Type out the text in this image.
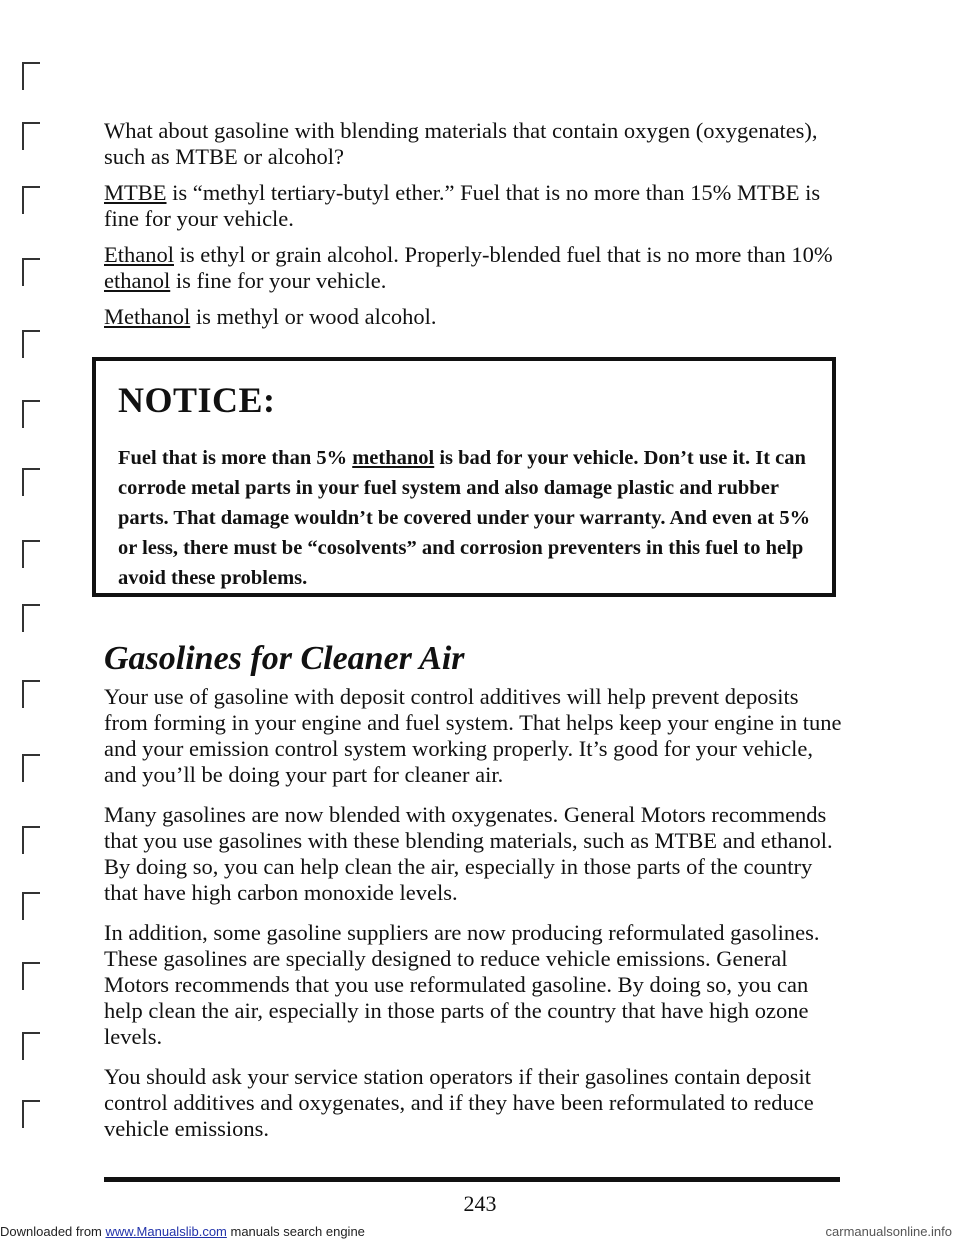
What about gasoline with blending materials that contain oxygen (oxygenates), such as MTBE or alcohol?

MTBE is “methyl tertiary-butyl ether.” Fuel that is no more than 15% MTBE is fine for your vehicle.

Ethanol is ethyl or grain alcohol. Properly-blended fuel that is no more than 10% ethanol is fine for your vehicle.

Methanol is methyl or wood alcohol.

NOTICE:
Fuel that is more than 5% methanol is bad for your vehicle. Don’t use it. It can corrode metal parts in your fuel system and also damage plastic and rubber parts. That damage wouldn’t be covered under your warranty. And even at 5% or less, there must be “cosolvents” and corrosion preventers in this fuel to help avoid these problems.
Gasolines for Cleaner Air

Your use of gasoline with deposit control additives will help prevent deposits from forming in your engine and fuel system. That helps keep your engine in tune and your emission control system working properly. It’s good for your vehicle, and you’ll be doing your part for cleaner air.

Many gasolines are now blended with oxygenates. General Motors recommends that you use gasolines with these blending materials, such as MTBE and ethanol. By doing so, you can help clean the air, especially in those parts of the country that have high carbon monoxide levels.

In addition, some gasoline suppliers are now producing reformulated gasolines. These gasolines are specially designed to reduce vehicle emissions. General Motors recommends that you use reformulated gasoline. By doing so, you can help clean the air, especially in those parts of the country that have high ozone levels.

You should ask your service station operators if their gasolines contain deposit control additives and oxygenates, and if they have been reformulated to reduce vehicle emissions.

243
Downloaded from www.Manualslib.com manuals search engine	carmanualsonline.info
